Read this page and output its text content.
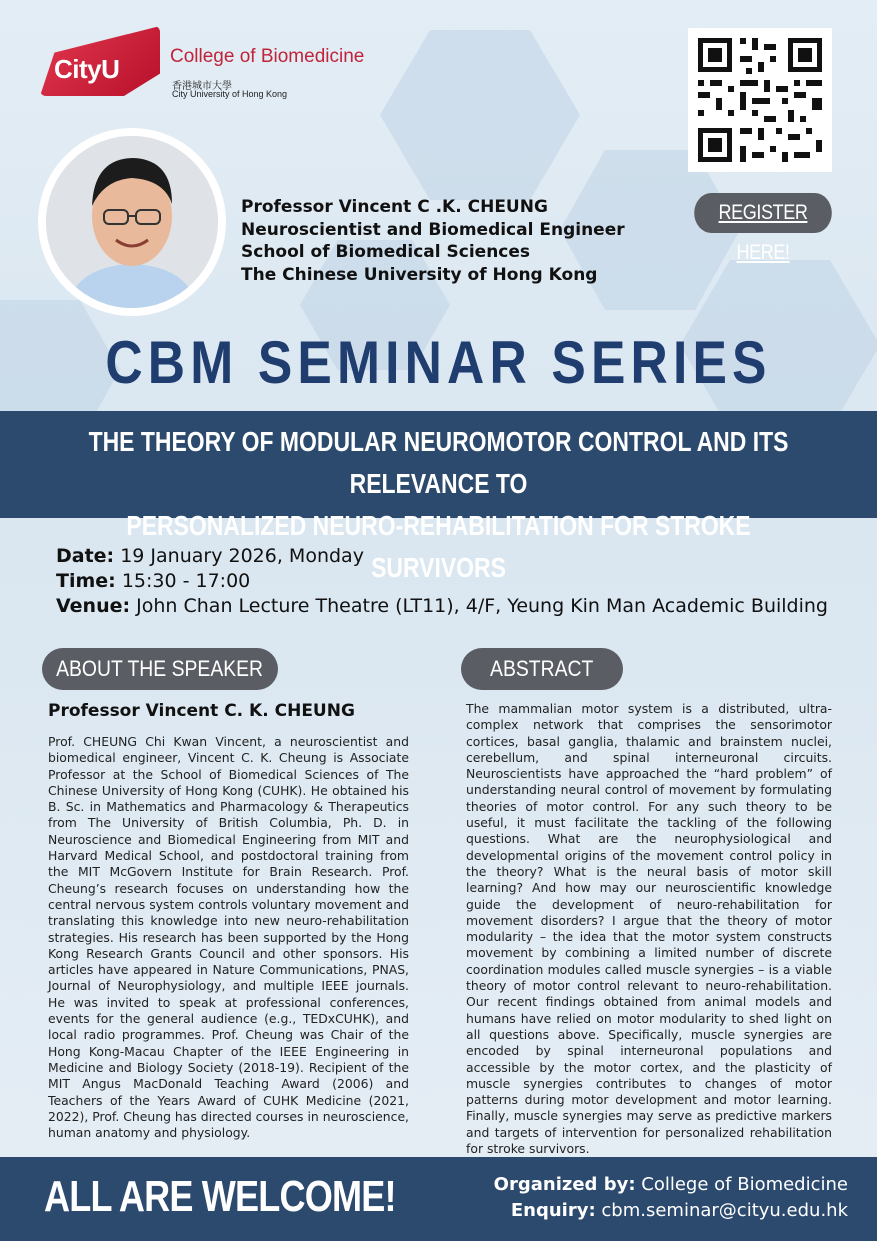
CityU	College of Biomedicine
香港城市大學
City University of Hong Kong
REGISTER HERE!
Professor Vincent C .K. CHEUNG
Neuroscientist and Biomedical Engineer
School of Biomedical Sciences
The Chinese University of Hong Kong
CBM SEMINAR SERIES
THE THEORY OF MODULAR NEUROMOTOR CONTROL AND ITS RELEVANCE TO
PERSONALIZED NEURO-REHABILITATION FOR STROKE SURVIVORS
Date: 19 January 2026, Monday
Time: 15:30 - 17:00
Venue: John Chan Lecture Theatre (LT11), 4/F, Yeung Kin Man Academic Building
ABOUT THE SPEAKER	ABSTRACT
Professor Vincent C. K. CHEUNG
Prof. CHEUNG Chi Kwan Vincent, a neuroscientist and biomedical engineer, Vincent C. K. Cheung is Associate Professor at the School of Biomedical Sciences of The Chinese University of Hong Kong (CUHK). He obtained his B. Sc. in Mathematics and Pharmacology & Therapeutics from The University of British Columbia, Ph. D. in Neuroscience and Biomedical Engineering from MIT and Harvard Medical School, and postdoctoral training from the MIT McGovern Institute for Brain Research. Prof. Cheung’s research focuses on understanding how the central nervous system controls voluntary movement and translating this knowledge into new neuro-rehabilitation strategies. His research has been supported by the Hong Kong Research Grants Council and other sponsors. His articles have appeared in Nature Communications, PNAS, Journal of Neurophysiology, and multiple IEEE journals. He was invited to speak at professional conferences, events for the general audience (e.g., TEDxCUHK), and local radio programmes. Prof. Cheung was Chair of the Hong Kong-Macau Chapter of the IEEE Engineering in Medicine and Biology Society (2018-19). Recipient of the MIT Angus MacDonald Teaching Award (2006) and Teachers of the Years Award of CUHK Medicine (2021, 2022), Prof. Cheung has directed courses in neuroscience, human anatomy and physiology.
The mammalian motor system is a distributed, ultra-complex network that comprises the sensorimotor cortices, basal ganglia, thalamic and brainstem nuclei, cerebellum, and spinal interneuronal circuits. Neuroscientists have approached the “hard problem” of understanding neural control of movement by formulating theories of motor control. For any such theory to be useful, it must facilitate the tackling of the following questions. What are the neurophysiological and developmental origins of the movement control policy in the theory? What is the neural basis of motor skill learning? And how may our neuroscientific knowledge guide the development of neuro-rehabilitation for movement disorders? I argue that the theory of motor modularity – the idea that the motor system constructs movement by combining a limited number of discrete coordination modules called muscle synergies – is a viable theory of motor control relevant to neuro-rehabilitation. Our recent findings obtained from animal models and humans have relied on motor modularity to shed light on all questions above. Specifically, muscle synergies are encoded by spinal interneuronal populations and accessible by the motor cortex, and the plasticity of muscle synergies contributes to changes of motor patterns during motor development and motor learning. Finally, muscle synergies may serve as predictive markers and targets of intervention for personalized rehabilitation for stroke survivors.
ALL ARE WELCOME!	Organized by: College of Biomedicine
Enquiry: cbm.seminar@cityu.edu.hk
